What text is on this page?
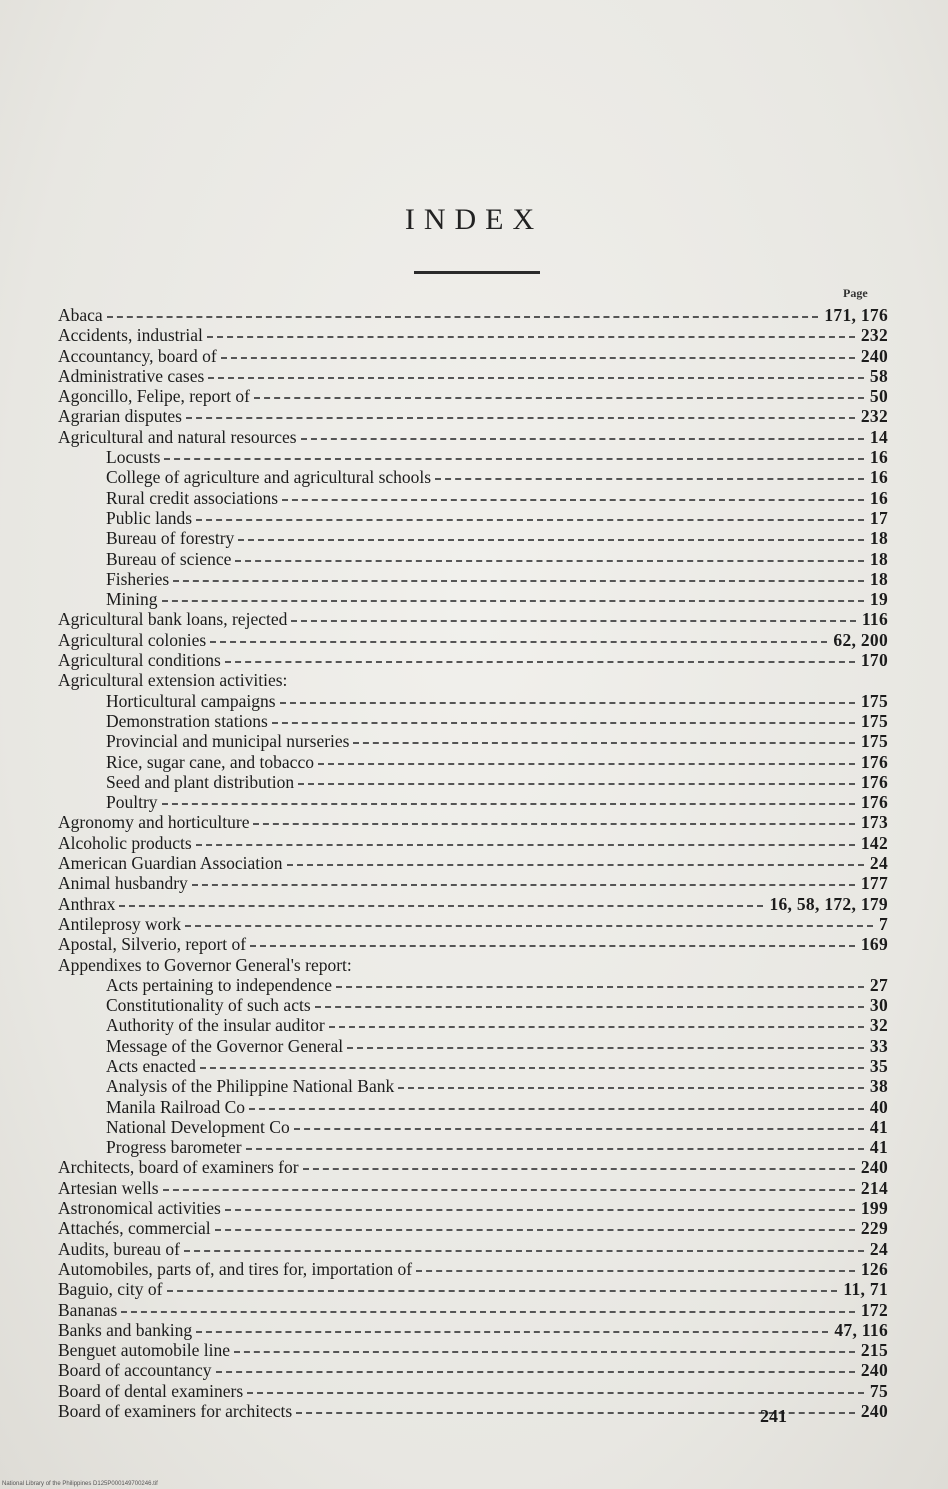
INDEX
Page
Abaca	171, 176
Accidents, industrial	232
Accountancy, board of	240
Administrative cases	58
Agoncillo, Felipe, report of	50
Agrarian disputes	232
Agricultural and natural resources	14
Locusts	16
College of agriculture and agricultural schools	16
Rural credit associations	16
Public lands	17
Bureau of forestry	18
Bureau of science	18
Fisheries	18
Mining	19
Agricultural bank loans, rejected	116
Agricultural colonies	62, 200
Agricultural conditions	170
Agricultural extension activities:
Horticultural campaigns	175
Demonstration stations	175
Provincial and municipal nurseries	175
Rice, sugar cane, and tobacco	176
Seed and plant distribution	176
Poultry	176
Agronomy and horticulture	173
Alcoholic products	142
American Guardian Association	24
Animal husbandry	177
Anthrax	16, 58, 172, 179
Antileprosy work	7
Apostal, Silverio, report of	169
Appendixes to Governor General's report:
Acts pertaining to independence	27
Constitutionality of such acts	30
Authority of the insular auditor	32
Message of the Governor General	33
Acts enacted	35
Analysis of the Philippine National Bank	38
Manila Railroad Co	40
National Development Co	41
Progress barometer	41
Architects, board of examiners for	240
Artesian wells	214
Astronomical activities	199
Attachés, commercial	229
Audits, bureau of	24
Automobiles, parts of, and tires for, importation of	126
Baguio, city of	11, 71
Bananas	172
Banks and banking	47, 116
Benguet automobile line	215
Board of accountancy	240
Board of dental examiners	75
Board of examiners for architects	240
241
National Library of the Philippines D125P000149700246.tif
